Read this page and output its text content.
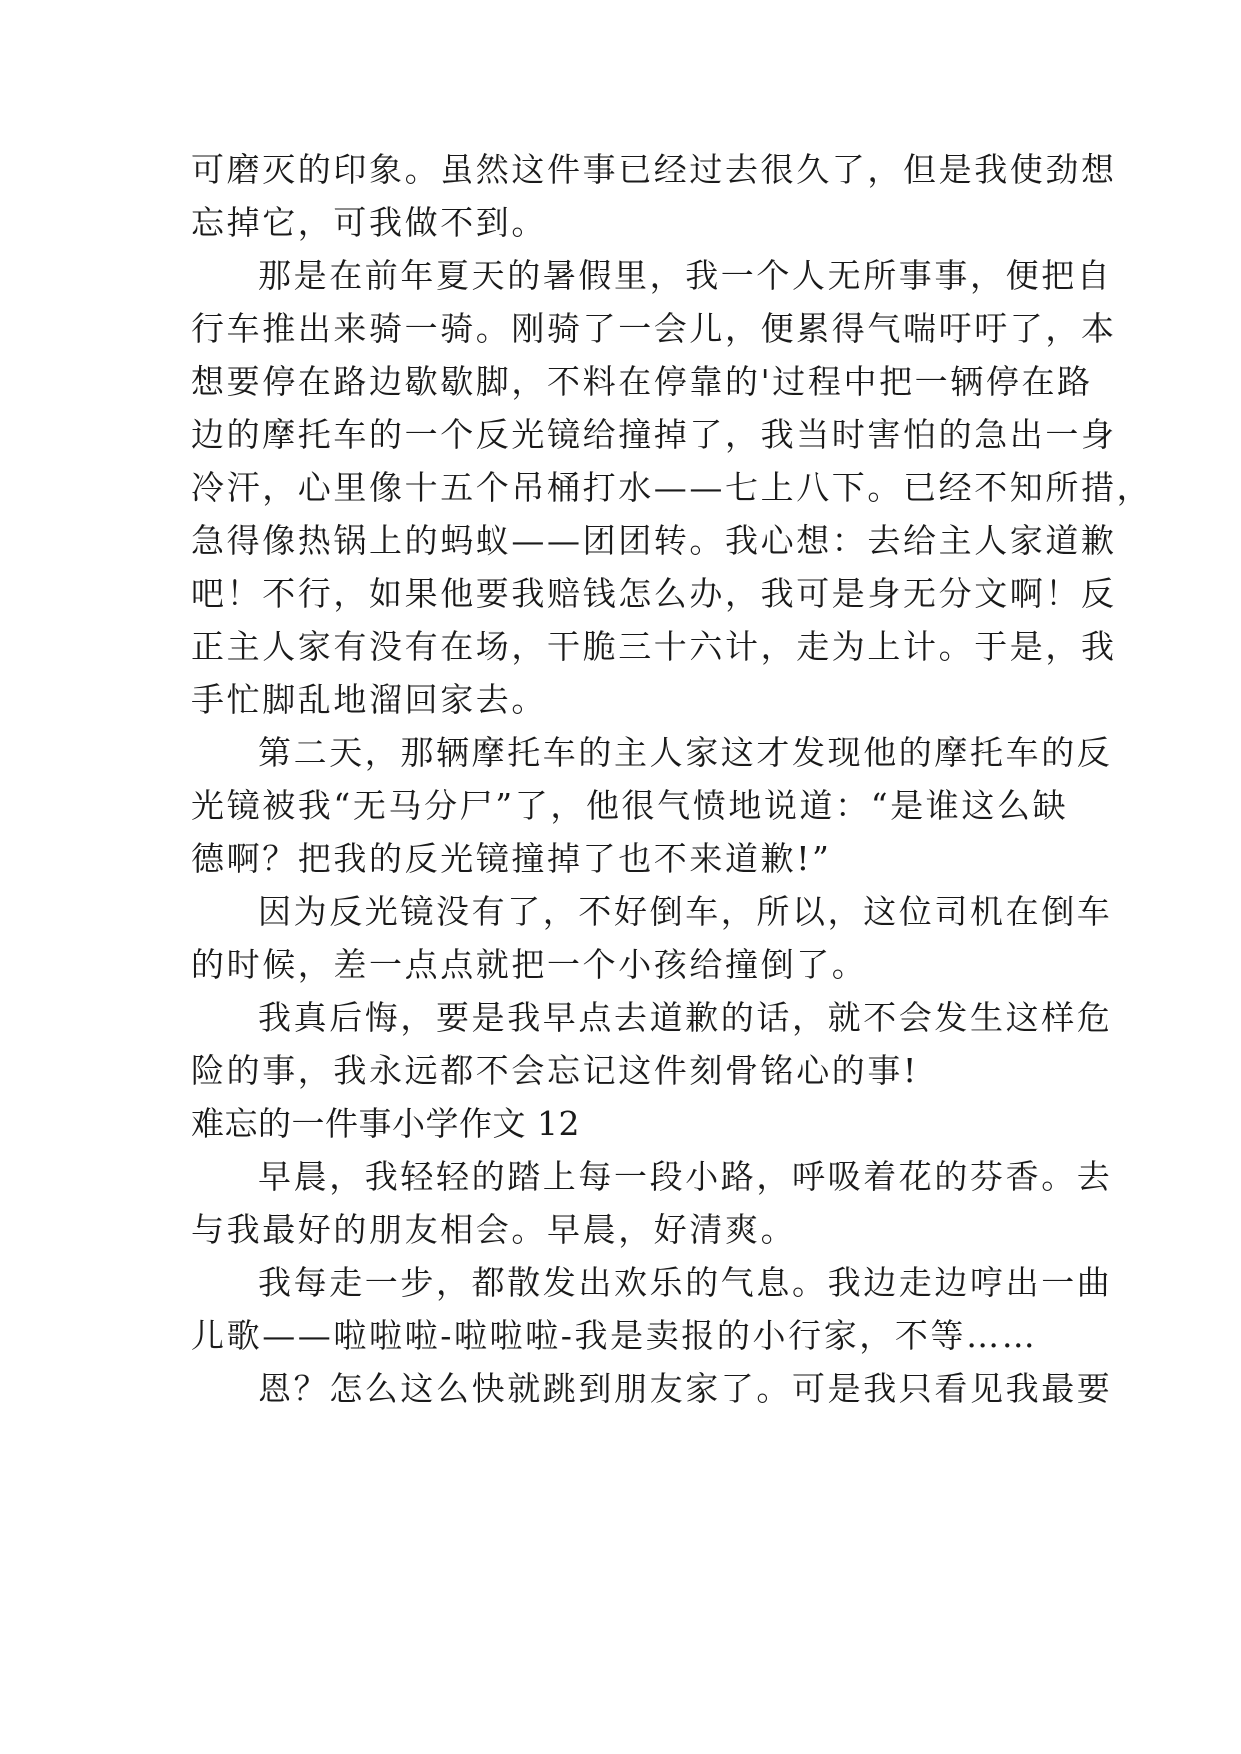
可磨灭的印象。虽然这件事已经过去很久了，但是我使劲想
忘掉它，可我做不到。
那是在前年夏天的暑假里，我一个人无所事事，便把自
行车推出来骑一骑。刚骑了一会儿，便累得气喘吁吁了，本
想要停在路边歇歇脚，不料在停靠的'过程中把一辆停在路
边的摩托车的一个反光镜给撞掉了，我当时害怕的急出一身
冷汗，心里像十五个吊桶打水——七上八下。已经不知所措，
急得像热锅上的蚂蚁——团团转。我心想：去给主人家道歉
吧！不行，如果他要我赔钱怎么办，我可是身无分文啊！反
正主人家有没有在场，干脆三十六计，走为上计。于是，我
手忙脚乱地溜回家去。
第二天，那辆摩托车的主人家这才发现他的摩托车的反
光镜被我“无马分尸”了，他很气愤地说道：“是谁这么缺
德啊？把我的反光镜撞掉了也不来道歉!”
因为反光镜没有了，不好倒车，所以，这位司机在倒车
的时候，差一点点就把一个小孩给撞倒了。
我真后悔，要是我早点去道歉的话，就不会发生这样危
险的事，我永远都不会忘记这件刻骨铭心的事!
难忘的一件事小学作文 12
早晨，我轻轻的踏上每一段小路，呼吸着花的芬香。去
与我最好的朋友相会。早晨，好清爽。
我每走一步，都散发出欢乐的气息。我边走边哼出一曲
儿歌——啦啦啦-啦啦啦-我是卖报的小行家，不等……
恩？怎么这么快就跳到朋友家了。可是我只看见我最要
